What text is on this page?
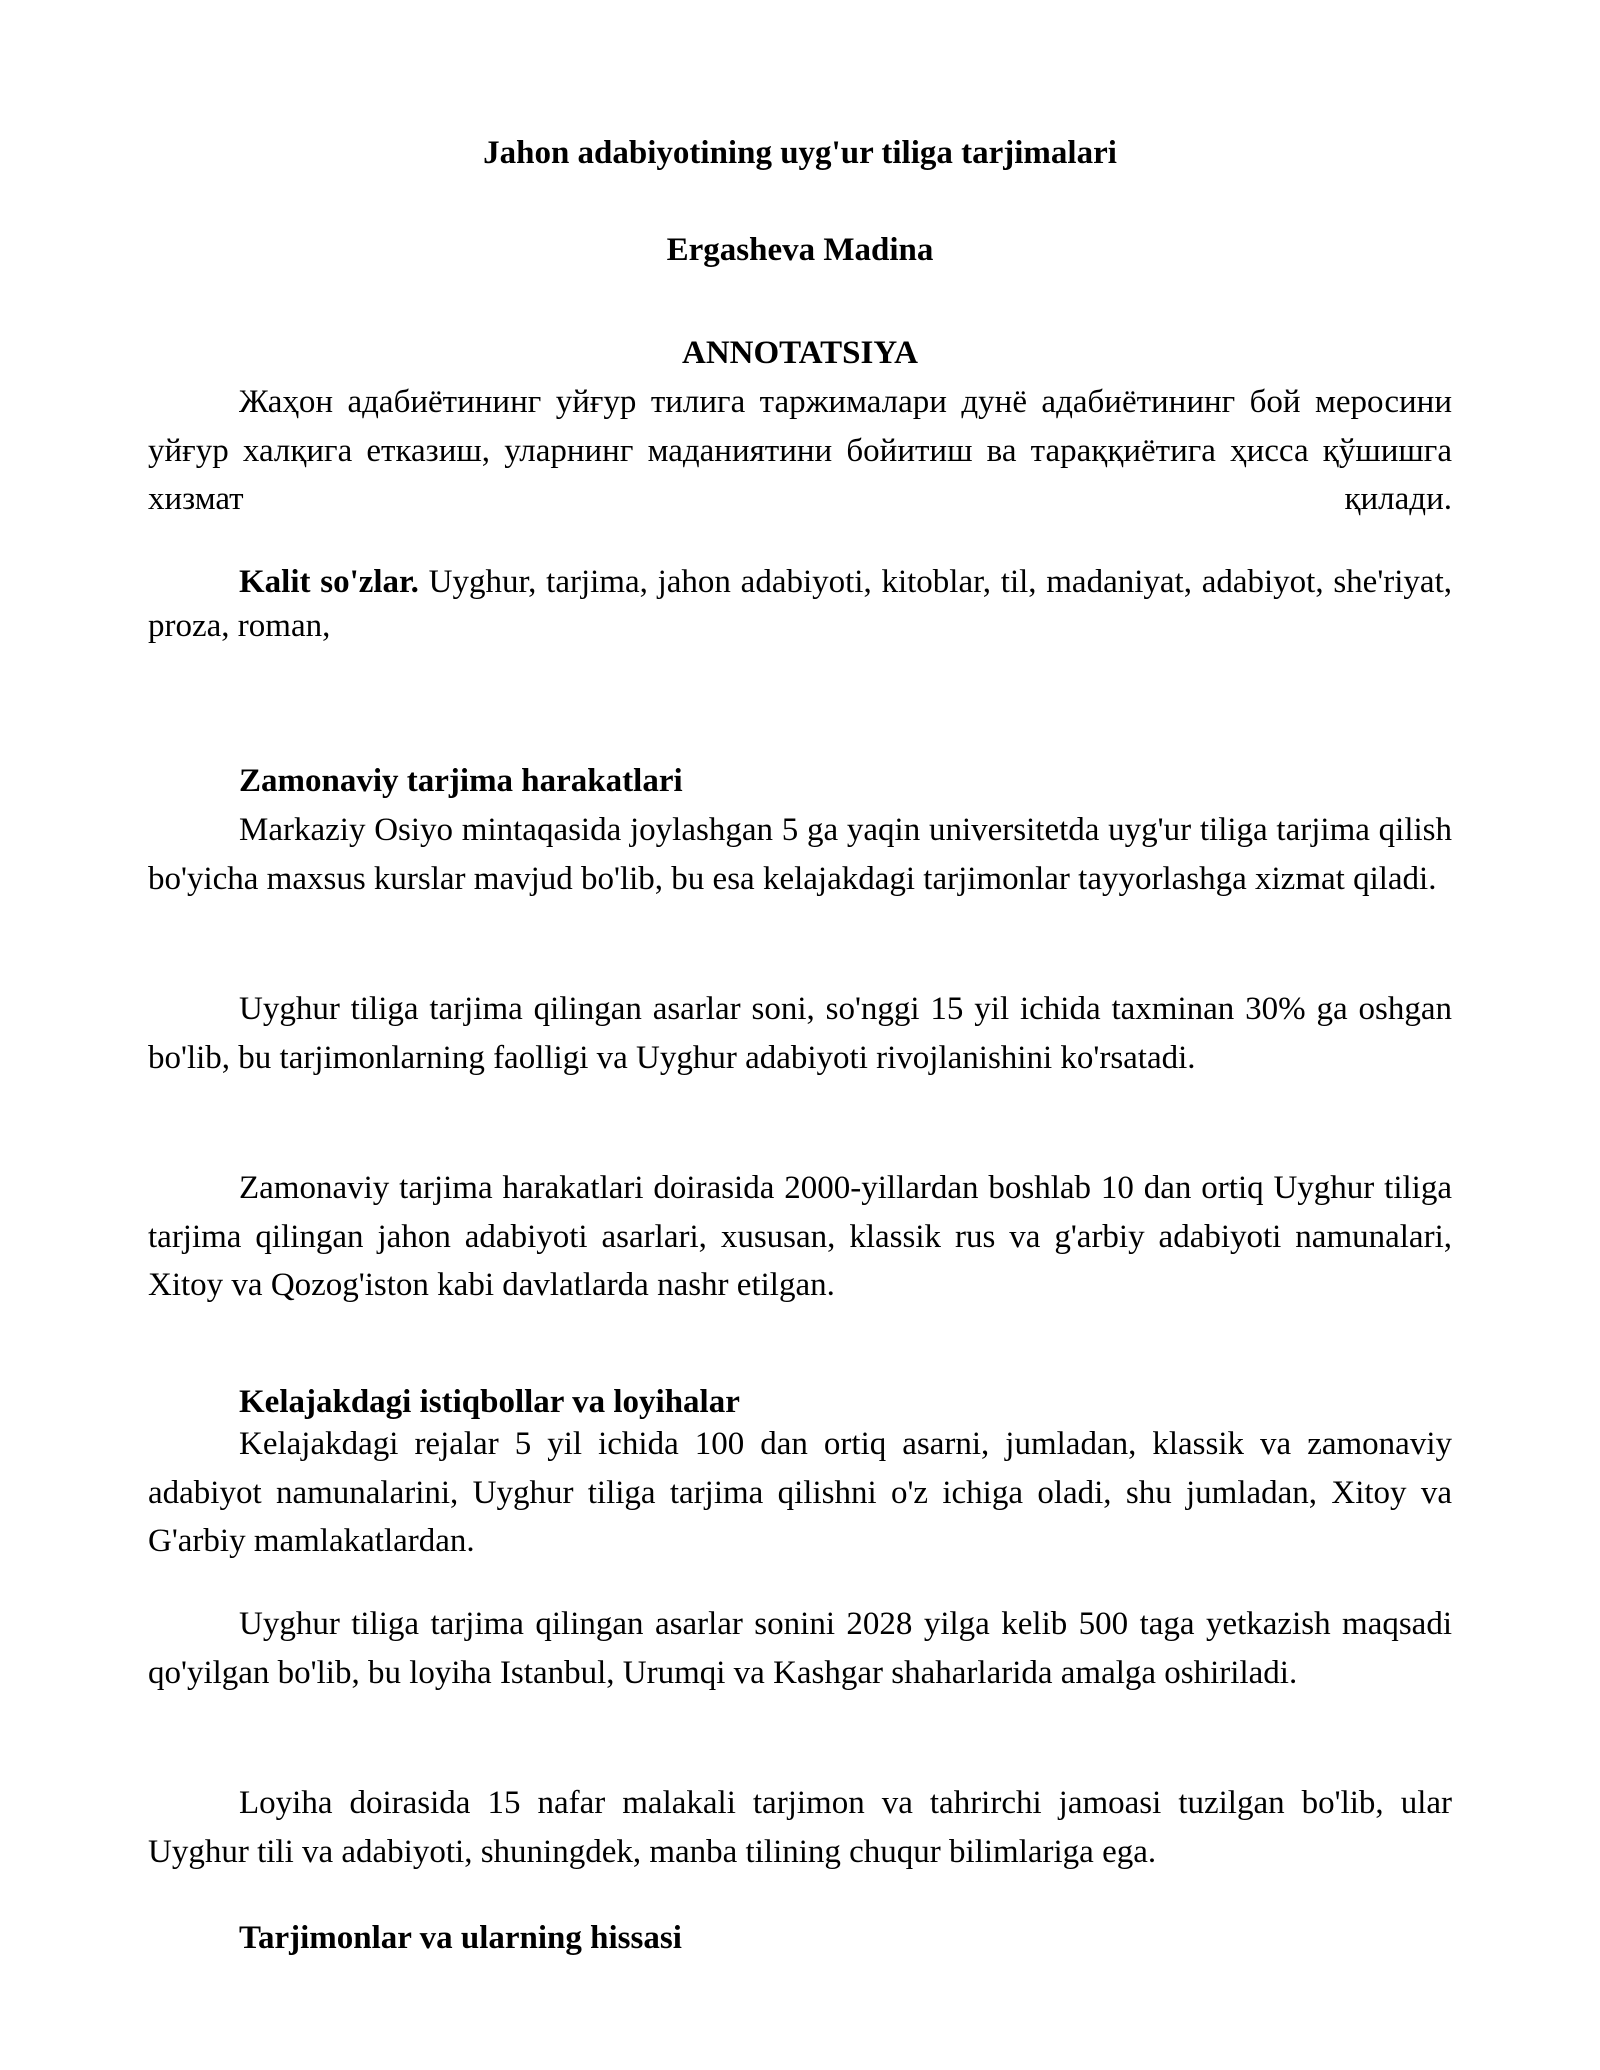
Jahon adabiyotining uyg'ur tiliga tarjimalari

Ergasheva Madina

ANNOTATSIYA

Жаҳон адабиётининг уйғур тилига таржималари дунё адабиётининг бой меросини уйғур халқига етказиш, уларнинг маданиятини бойитиш ва тараққиётига ҳисса қўшишга хизмат қилади.

Kalit so'zlar. Uyghur, tarjima, jahon adabiyoti, kitoblar, til, madaniyat, adabiyot, she'riyat, proza, roman,

Zamonaviy tarjima harakatlari

Markaziy Osiyo mintaqasida joylashgan 5 ga yaqin universitetda uyg'ur tiliga tarjima qilish bo'yicha maxsus kurslar mavjud bo'lib, bu esa kelajakdagi tarjimonlar tayyorlashga xizmat qiladi.

Uyghur tiliga tarjima qilingan asarlar soni, so'nggi 15 yil ichida taxminan 30% ga oshgan bo'lib, bu tarjimonlarning faolligi va Uyghur adabiyoti rivojlanishini ko'rsatadi.

Zamonaviy tarjima harakatlari doirasida 2000-yillardan boshlab 10 dan ortiq Uyghur tiliga tarjima qilingan jahon adabiyoti asarlari, xususan, klassik rus va g'arbiy adabiyoti namunalari, Xitoy va Qozog'iston kabi davlatlarda nashr etilgan.

Kelajakdagi istiqbollar va loyihalar

Kelajakdagi rejalar 5 yil ichida 100 dan ortiq asarni, jumladan, klassik va zamonaviy adabiyot namunalarini, Uyghur tiliga tarjima qilishni o'z ichiga oladi, shu jumladan, Xitoy va G'arbiy mamlakatlardan.

Uyghur tiliga tarjima qilingan asarlar sonini 2028 yilga kelib 500 taga yetkazish maqsadi qo'yilgan bo'lib, bu loyiha Istanbul, Urumqi va Kashgar shaharlarida amalga oshiriladi.

Loyiha doirasida 15 nafar malakali tarjimon va tahrirchi jamoasi tuzilgan bo'lib, ular Uyghur tili va adabiyoti, shuningdek, manba tilining chuqur bilimlariga ega.

Tarjimonlar va ularning hissasi
